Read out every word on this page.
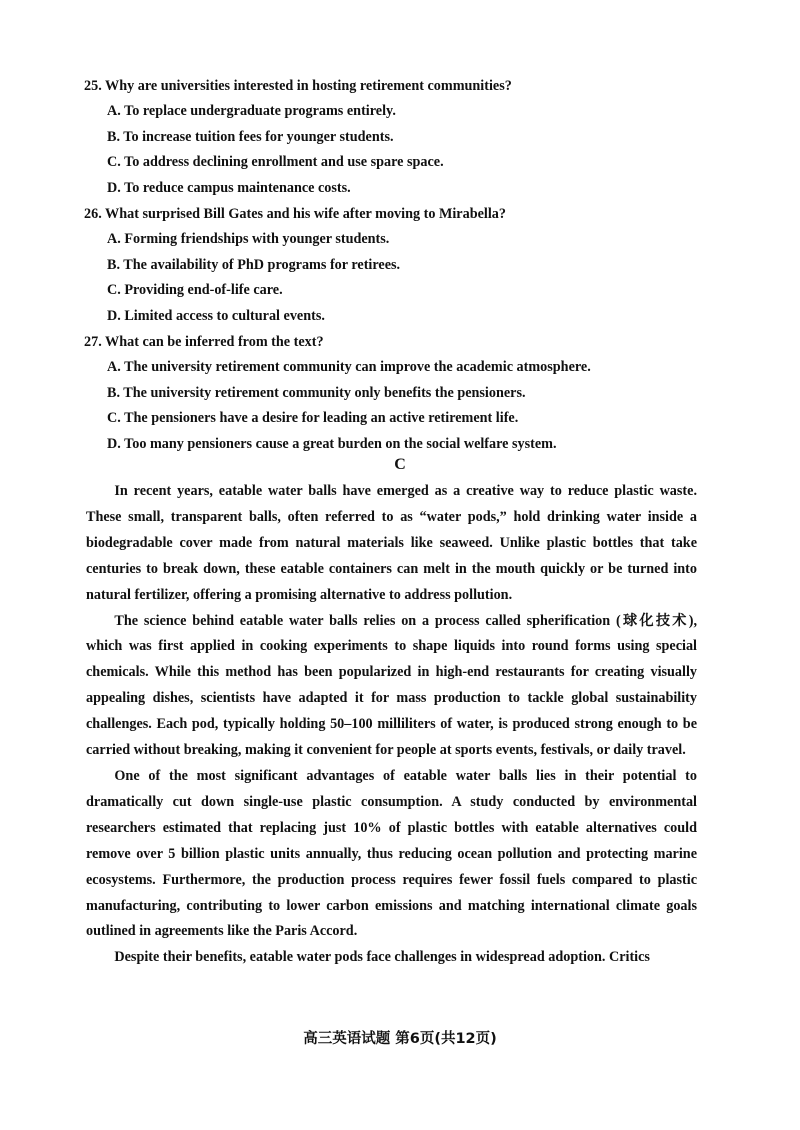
25. Why are universities interested in hosting retirement communities?
A. To replace undergraduate programs entirely.
B. To increase tuition fees for younger students.
C. To address declining enrollment and use spare space.
D. To reduce campus maintenance costs.
26. What surprised Bill Gates and his wife after moving to Mirabella?
A. Forming friendships with younger students.
B. The availability of PhD programs for retirees.
C. Providing end-of-life care.
D. Limited access to cultural events.
27. What can be inferred from the text?
A. The university retirement community can improve the academic atmosphere.
B. The university retirement community only benefits the pensioners.
C. The pensioners have a desire for leading an active retirement life.
D. Too many pensioners cause a great burden on the social welfare system.
C

In recent years, eatable water balls have emerged as a creative way to reduce plastic waste. These small, transparent balls, often referred to as “water pods,” hold drinking water inside a biodegradable cover made from natural materials like seaweed. Unlike plastic bottles that take centuries to break down, these eatable containers can melt in the mouth quickly or be turned into natural fertilizer, offering a promising alternative to address pollution.

The science behind eatable water balls relies on a process called spherification (球化技术), which was first applied in cooking experiments to shape liquids into round forms using special chemicals. While this method has been popularized in high-end restaurants for creating visually appealing dishes, scientists have adapted it for mass production to tackle global sustainability challenges. Each pod, typically holding 50–100 milliliters of water, is produced strong enough to be carried without breaking, making it convenient for people at sports events, festivals, or daily travel.

One of the most significant advantages of eatable water balls lies in their potential to dramatically cut down single-use plastic consumption. A study conducted by environmental researchers estimated that replacing just 10% of plastic bottles with eatable alternatives could remove over 5 billion plastic units annually, thus reducing ocean pollution and protecting marine ecosystems. Furthermore, the production process requires fewer fossil fuels compared to plastic manufacturing, contributing to lower carbon emissions and matching international climate goals outlined in agreements like the Paris Accord.

Despite their benefits, eatable water pods face challenges in widespread adoption. Critics

高三英语试题 第6页(共12页)
